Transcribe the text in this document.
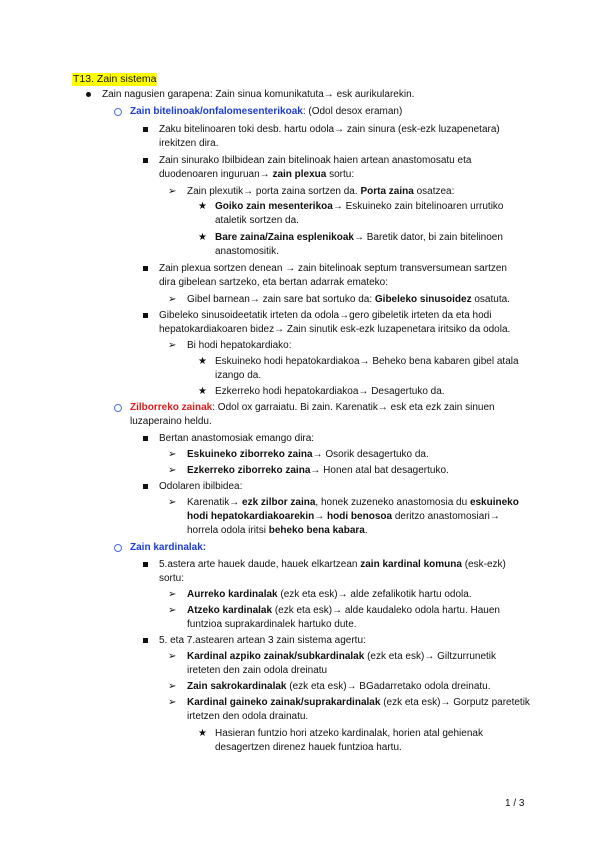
T13. Zain sistema
Zain nagusien garapena: Zain sinua komunikatuta→ esk aurikularekin.
Zain bitelinoak/onfalomesenterikoak: (Odol desox eraman)
Zaku bitelinoaren toki desb. hartu odola→ zain sinura (esk-ezk luzapenetara)
irekitzen dira.
Zain sinurako Ibilbidean zain bitelinoak haien artean anastomosatu eta
duodenoaren inguruan→ zain plexua sortu:
➢ Zain plexutik→ porta zaina sortzen da. Porta zaina osatzea:
★ Goiko zain mesenterikoa→ Eskuineko zain bitelinoaren urrutiko
ataletik sortzen da.
★ Bare zaina/Zaina esplenikoak→ Baretik dator, bi zain bitelinoen
anastomositik.
Zain plexua sortzen denean → zain bitelinoak septum transversumean sartzen
dira gibelean sartzeko, eta bertan adarrak emateko:
➢ Gibel barnean→ zain sare bat sortuko da: Gibeleko sinusoidez osatuta.
Gibeleko sinusoideetatik irteten da odola→gero gibeletik irteten da eta hodi
hepatokardiakoaren bidez→ Zain sinutik esk-ezk luzapenetara iritsiko da odola.
➢ Bi hodi hepatokardiako:
★ Eskuineko hodi hepatokardiakoa→ Beheko bena kabaren gibel atala
izango da.
★ Ezkerreko hodi hepatokardiakoa→ Desagertuko da.
Zilborreko zainak: Odol ox garraiatu. Bi zain. Karenatik→ esk eta ezk zain sinuen
luzaperaino heldu.
Bertan anastomosiak emango dira:
➢ Eskuineko ziborreko zaina→ Osorik desagertuko da.
➢ Ezkerreko ziborreko zaina→ Honen atal bat desagertuko.
Odolaren ibilbidea:
➢ Karenatik→ ezk zilbor zaina, honek zuzeneko anastomosia du eskuineko
hodi hepatokardiakoarekin→ hodi benosoa deritzo anastomosiari→
horrela odola iritsi beheko bena kabara.
Zain kardinalak:
5.astera arte hauek daude, hauek elkartzean zain kardinal komuna (esk-ezk)
sortu:
➢ Aurreko kardinalak (ezk eta esk)→ alde zefalikotik hartu odola.
➢ Atzeko kardinalak (ezk eta esk)→ alde kaudaleko odola hartu. Hauen
funtzioa suprakardinalek hartuko dute.
5. eta 7.astearen artean 3 zain sistema agertu:
➢ Kardinal azpiko zainak/subkardinalak (ezk eta esk)→ Giltzurrunetik
ireteten den zain odola dreinatu
➢ Zain sakrokardinalak (ezk eta esk)→ BGadarretako odola dreinatu.
➢ Kardinal gaineko zainak/suprakardinalak (ezk eta esk)→ Gorputz paretetik
irtetzen den odola drainatu.
★ Hasieran funtzio hori atzeko kardinalak, horien atal gehienak
desagertzen direnez hauek funtzioa hartu.
1 / 3
